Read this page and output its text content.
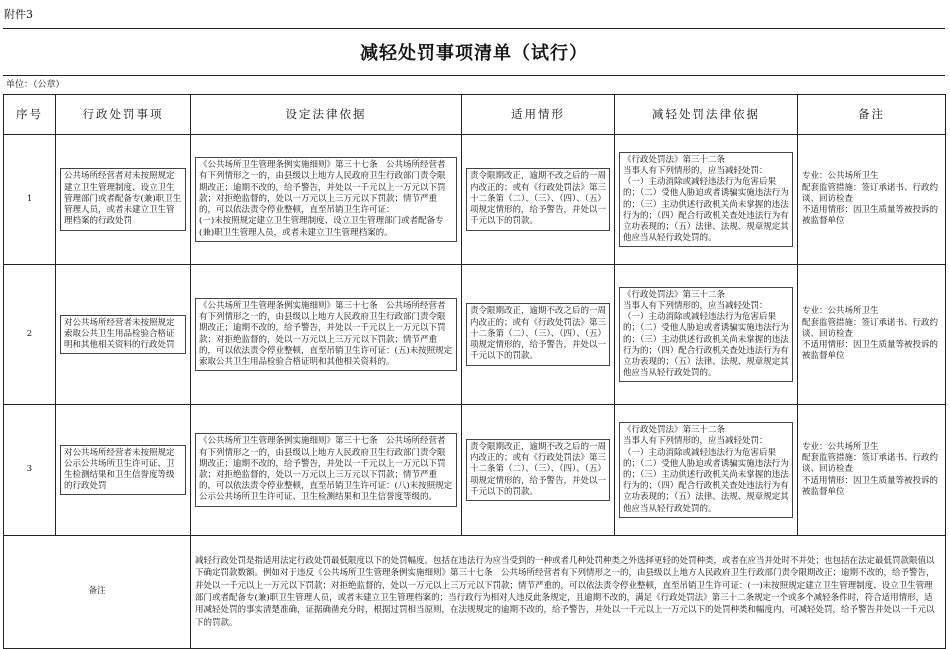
附件3
减轻处罚事项清单（试行）
单位：（公章）
序号	行政处罚事项	设定法律依据	适用情形	减轻处罚法律依据	备注
1	公共场所经营者对未按照规定建立卫生管理制度、设立卫生管理部门或者配备专(兼)职卫生管理人员，或者未建立卫生管理档案的行政处罚	《公共场所卫生管理条例实施细则》第三十七条　公共场所经营者有下列情形之一的，由县级以上地方人民政府卫生行政部门责令限期改正；逾期不改的，给予警告，并处以一千元以上一万元以下罚款；对拒绝监督的，处以一万元以上三万元以下罚款；情节严重的，可以依法责令停业整顿，直至吊销卫生许可证：
(一)未按照规定建立卫生管理制度、设立卫生管理部门或者配备专(兼)职卫生管理人员，或者未建立卫生管理档案的。	责令限期改正，逾期不改之后的一周内改正的；或有《行政处罚法》第三十二条第（二）、（三）、（四）、（五）项规定情形的，给予警告，并处以一千元以下的罚款。	《行政处罚法》第三十二条
当事人有下列情形的，应当减轻处罚：
（一）主动消除或减轻违法行为危害后果的；（二）受他人胁迫或者诱骗实施违法行为的；（三）主动供述行政机关尚未掌握的违法行为的；（四）配合行政机关查处违法行为有立功表现的；（五）法律、法规、规章规定其他应当从轻行政处罚的。	专业：公共场所卫生
配套监管措施：签订承诺书、行政约谈、回访检查
不适用情形：因卫生质量等被投诉的被监督单位
2	对公共场所经营者未按照规定索取公共卫生用品检验合格证明和其他相关资料的行政处罚	《公共场所卫生管理条例实施细则》第三十七条　公共场所经营者有下列情形之一的，由县级以上地方人民政府卫生行政部门责令限期改正；逾期不改的，给予警告，并处以一千元以上一万元以下罚款；对拒绝监督的，处以一万元以上三万元以下罚款；情节严重的，可以依法责令停业整顿，直至吊销卫生许可证：(五)未按照规定索取公共卫生用品检验合格证明和其他相关资料的。	责令限期改正，逾期不改之后的一周内改正的；或有《行政处罚法》第三十二条第（二）、（三）、（四）、（五）项规定情形的，给予警告，并处以一千元以下的罚款。	《行政处罚法》第三十二条
当事人有下列情形的，应当减轻处罚：
（一）主动消除或减轻违法行为危害后果的；（二）受他人胁迫或者诱骗实施违法行为的；（三）主动供述行政机关尚未掌握的违法行为的；（四）配合行政机关查处违法行为有立功表现的；（五）法律、法规、规章规定其他应当从轻行政处罚的。	专业：公共场所卫生
配套监管措施：签订承诺书、行政约谈、回访检查
不适用情形：因卫生质量等被投诉的被监督单位
3	对公共场所经营者未按照规定公示公共场所卫生许可证、卫生检测结果和卫生信誉度等级的行政处罚	《公共场所卫生管理条例实施细则》第三十七条　公共场所经营者有下列情形之一的，由县级以上地方人民政府卫生行政部门责令限期改正；逾期不改的，给予警告，并处以一千元以上一万元以下罚款；对拒绝监督的，处以一万元以上三万元以下罚款；情节严重的，可以依法责令停业整顿，直至吊销卫生许可证：(八)未按照规定公示公共场所卫生许可证、卫生检测结果和卫生信誉度等级的。	责令限期改正，逾期不改之后的一周内改正的；或有《行政处罚法》第三十二条第（二）、（三）、（四）、（五）项规定情形的，给予警告，并处以一千元以下的罚款。	《行政处罚法》第三十二条
当事人有下列情形的，应当减轻处罚：
（一）主动消除或减轻违法行为危害后果的；（二）受他人胁迫或者诱骗实施违法行为的；（三）主动供述行政机关尚未掌握的违法行为的；（四）配合行政机关查处违法行为有立功表现的；（五）法律、法规、规章规定其他应当从轻行政处罚的。	专业：公共场所卫生
配套监管措施：签订承诺书、行政约谈、回访检查
不适用情形：因卫生质量等被投诉的被监督单位
备注		减轻行政处罚是指适用法定行政处罚最低限度以下的处罚幅度。包括在违法行为应当受到的一种或者几种处罚种类之外选择更轻的处罚种类，或者在应当并处时不并处；也包括在法定最低罚款限值以下确定罚款数额。例如对于违反《公共场所卫生管理条例实施细则》第三十七条　公共场所经营者有下列情形之一的，由县级以上地方人民政府卫生行政部门责令限期改正；逾期不改的，给予警告，并处以一千元以上一万元以下罚款；对拒绝监督的，处以一万元以上三万元以下罚款；情节严重的，可以依法责令停业整顿，直至吊销卫生许可证：(一)未按照规定建立卫生管理制度、设立卫生管理部门或者配备专(兼)职卫生管理人员，或者未建立卫生管理档案的；当行政行为相对人违反此条规定，且逾期不改的，满足《行政处罚法》第三十二条规定一个或多个减轻条件时，符合适用情形，适用减轻处罚的事实清楚准确，证据确凿充分时，根据过罚相当原则，在法规规定的逾期不改的，给予警告，并处以一千元以上一万元以下的处罚种类和幅度内，可减轻处罚，给予警告并处以一千元以下的罚款。			
